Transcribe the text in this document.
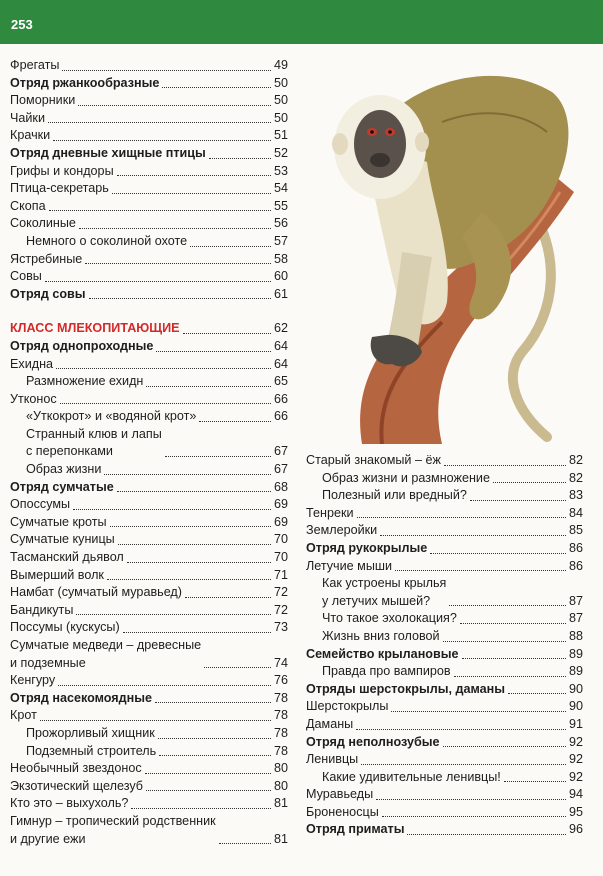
253
Фрегаты	49
Отряд ржанкообразные	50
Поморники	50
Чайки	50
Крачки	51
Отряд дневные хищные птицы	52
Грифы и кондоры	53
Птица-секретарь	54
Скопа	55
Соколиные	56
Немного о соколиной охоте	57
Ястребиные	58
Совы	60
Отряд совы	61
КЛАСС МЛЕКОПИТАЮЩИЕ	62
Отряд однопроходные	64
Ехидна	64
Размножение ехидн	65
Утконос	66
«Уткокрот» и «водяной крот»	66
Странный клюв и лапы
с перепонками	67
Образ жизни	67
Отряд сумчатые	68
Опоссумы	69
Сумчатые кроты	69
Сумчатые куницы	70
Тасманский дьявол	70
Вымерший волк	71
Намбат (сумчатый муравьед)	72
Бандикуты	72
Поссумы (кускусы)	73
Сумчатые медведи – древесные
и подземные	74
Кенгуру	76
Отряд насекомоядные	78
Крот	78
Прожорливый хищник	78
Подземный строитель	78
Необычный звездонос	80
Экзотический щелезуб	80
Кто это – выхухоль?	81
Гимнур – тропический родственник
и другие ежи	81
Старый знакомый – ёж	82
Образ жизни и размножение	82
Полезный или вредный?	83
Тенреки	84
Землеройки	85
Отряд рукокрылые	86
Летучие мыши	86
Как устроены крылья
у летучих мышей?	87
Что такое эхолокация?	87
Жизнь вниз головой	88
Семейство крылановые	89
Правда про вампиров	89
Отряды шерстокрылы, даманы	90
Шерстокрылы	90
Даманы	91
Отряд неполнозубые	92
Ленивцы	92
Какие удивительные ленивцы!	92
Муравьеды	94
Броненосцы	95
Отряд приматы	96
